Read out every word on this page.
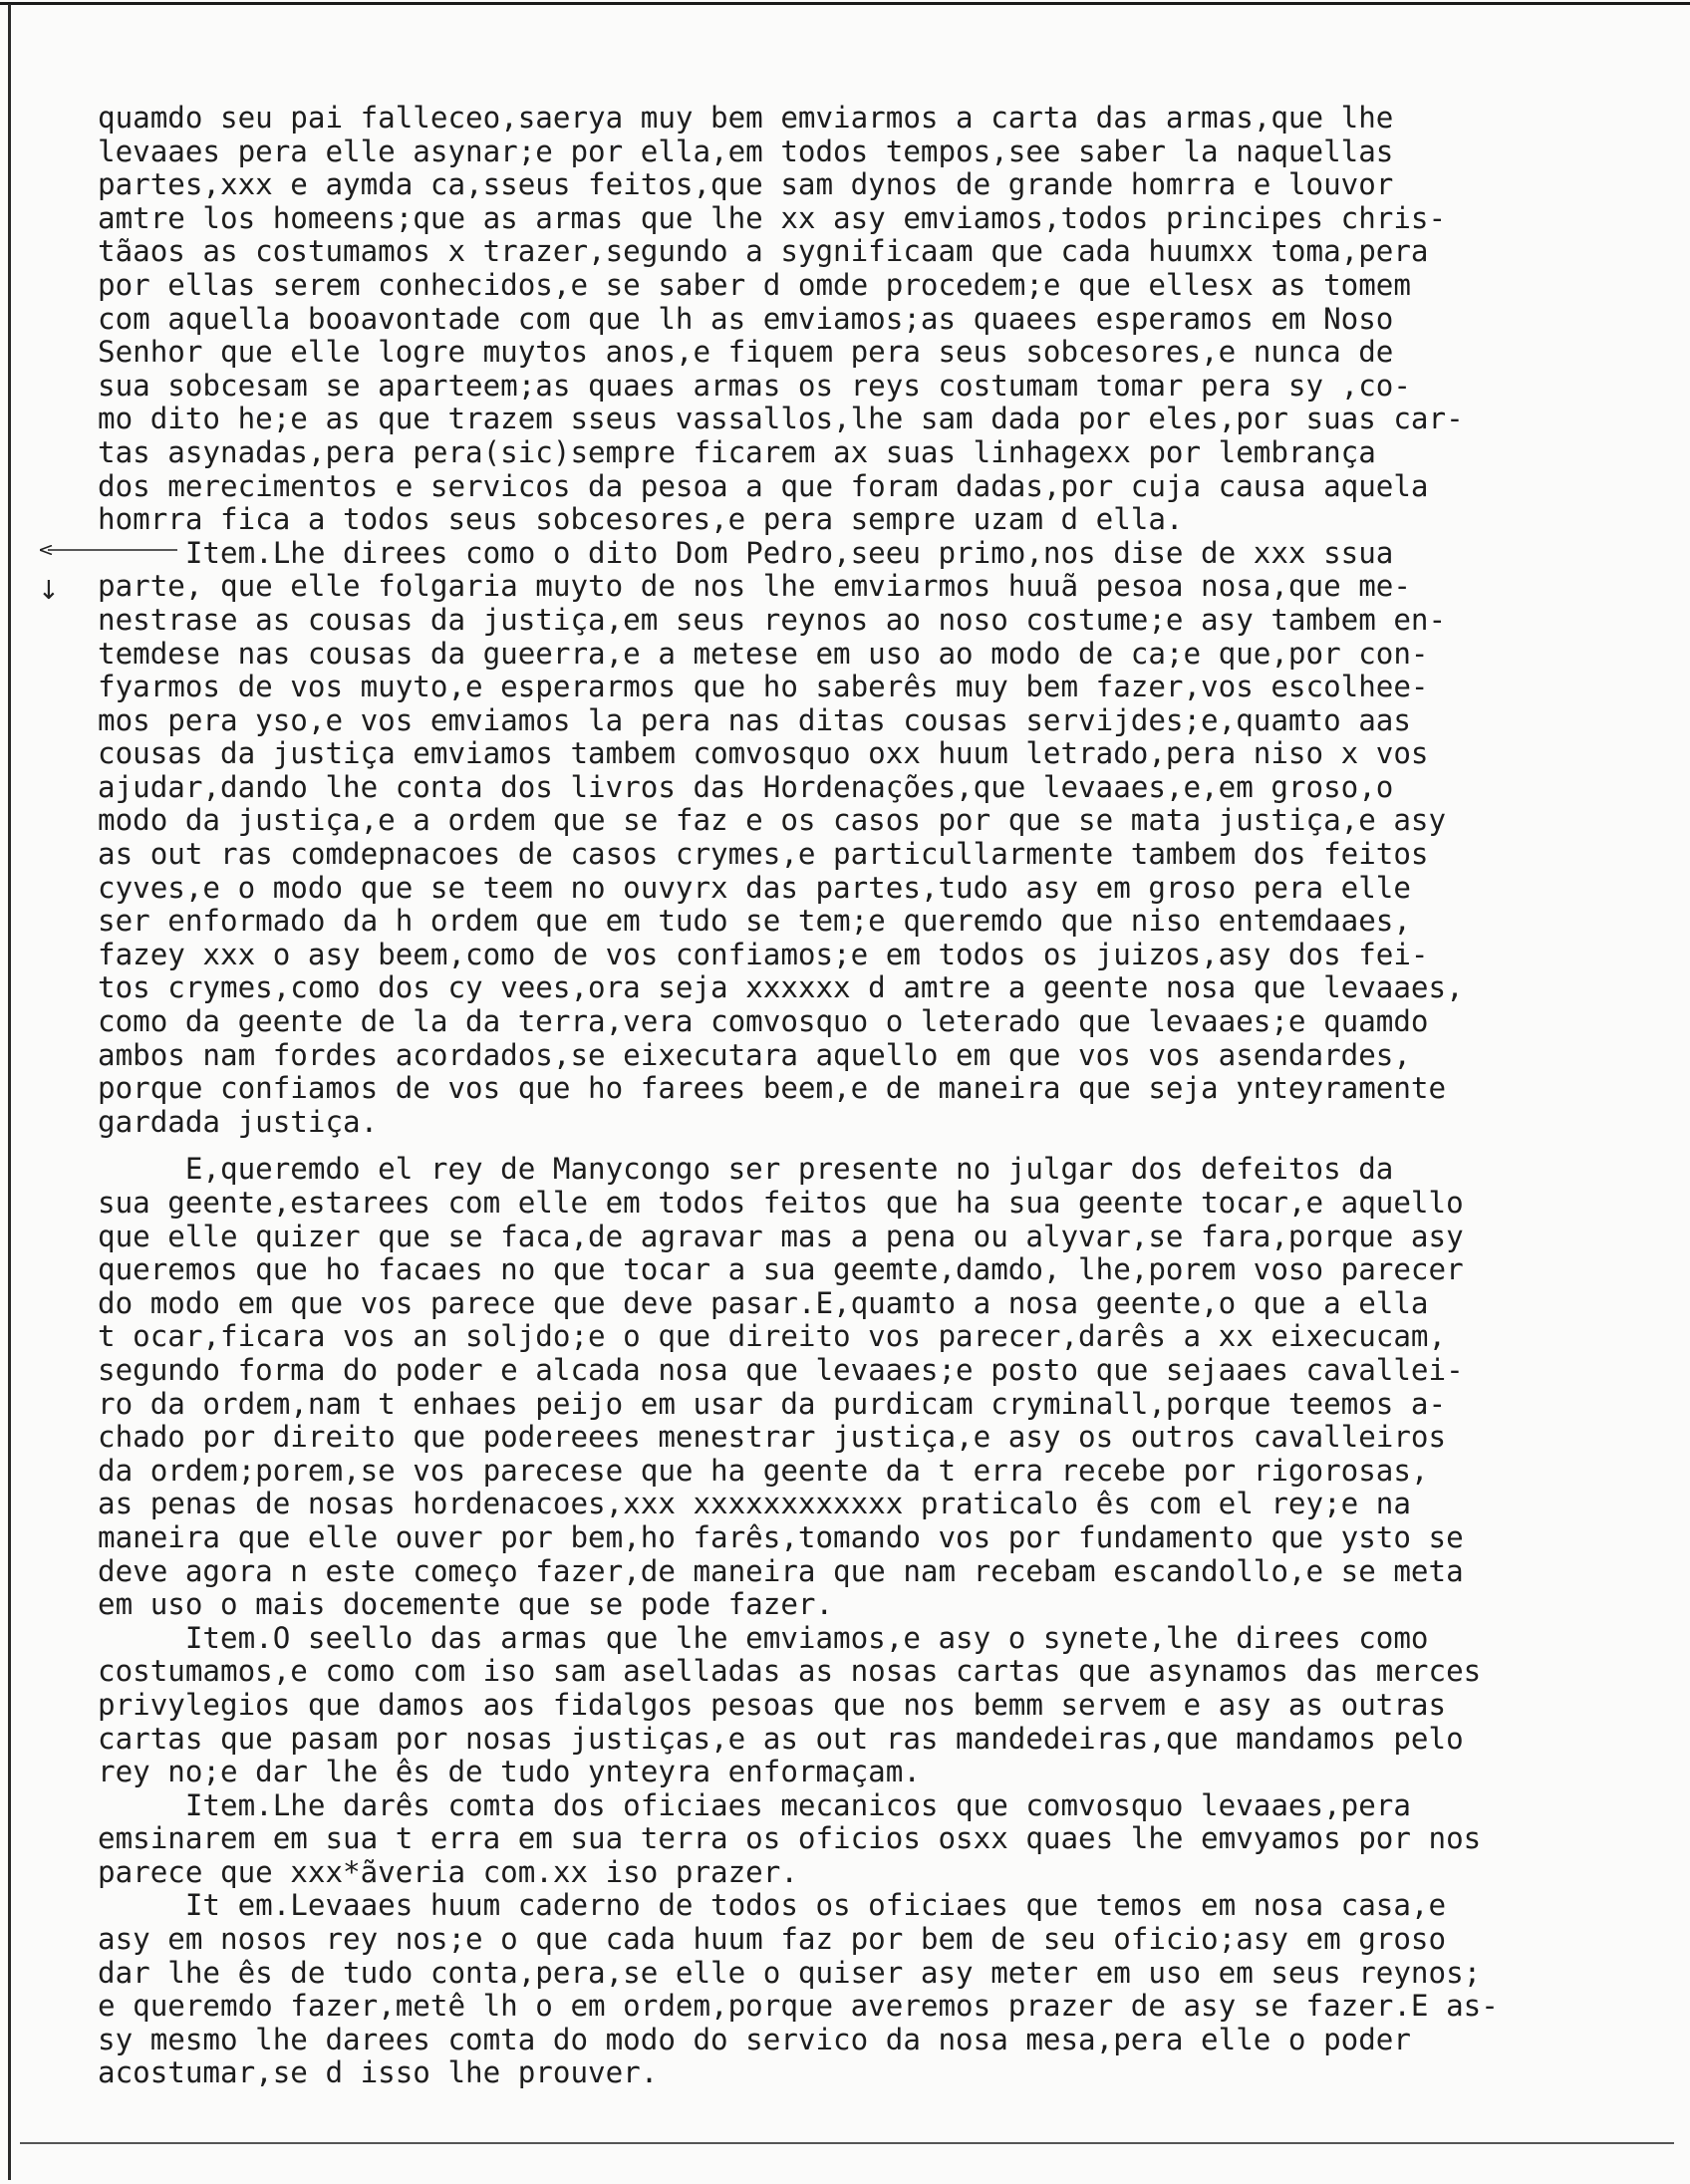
↓
quamdo seu pai falleceo,saerya muy bem emviarmos a carta das armas,que lhe
levaaes pera elle asynar;e por ella,em todos tempos,see saber la naquellas
partes,xxx e aymda ca,sseus feitos,que sam dynos de grande homrra e louvor
amtre los homeens;que as armas que lhe xx asy emviamos,todos principes chris-
tãaos as costumamos x trazer,segundo a sygnificaam que cada huumxx toma,pera
por ellas serem conhecidos,e se saber d omde procedem;e que ellesx as tomem
com aquella booavontade com que lh as emviamos;as quaees esperamos em Noso
Senhor que elle logre muytos anos,e fiquem pera seus sobcesores,e nunca de
sua sobcesam se aparteem;as quaes armas os reys costumam tomar pera sy ,co-
mo dito he;e as que trazem sseus vassallos,lhe sam dada por eles,por suas car-
tas asynadas,pera pera(sic)sempre ficarem ax suas linhagexx por lembrança
dos merecimentos e servicos da pesoa a que foram dadas,por cuja causa aquela
homrra fica a todos seus sobcesores,e pera sempre uzam d ella.
Item.Lhe direes como o dito Dom Pedro,seeu primo,nos dise de xxx ssua
parte, que elle folgaria muyto de nos lhe emviarmos huuã pesoa nosa,que me-
nestrase as cousas da justiça,em seus reynos ao noso costume;e asy tambem en-
temdese nas cousas da gueerra,e a metese em uso ao modo de ca;e que,por con-
fyarmos de vos muyto,e esperarmos que ho saberês muy bem fazer,vos escolhee-
mos pera yso,e vos emviamos la pera nas ditas cousas servijdes;e,quamto aas
cousas da justiça emviamos tambem comvosquo oxx huum letrado,pera niso x vos
ajudar,dando lhe conta dos livros das Hordenações,que levaaes,e,em groso,o
modo da justiça,e a ordem que se faz e os casos por que se mata justiça,e asy
as out ras comdepnacoes de casos crymes,e particullarmente tambem dos feitos
cyves,e o modo que se teem no ouvyrx das partes,tudo asy em groso pera elle
ser enformado da h ordem que em tudo se tem;e queremdo que niso entemdaaes,
fazey xxx o asy beem,como de vos confiamos;e em todos os juizos,asy dos fei-
tos crymes,como dos cy vees,ora seja xxxxxx d amtre a geente nosa que levaaes,
como da geente de la da terra,vera comvosquo o leterado que levaaes;e quamdo
ambos nam fordes acordados,se eixecutara aquello em que vos vos asendardes,
porque confiamos de vos que ho farees beem,e de maneira que seja ynteyramente
gardada justiça.
E,queremdo el rey de Manycongo ser presente no julgar dos defeitos da
sua geente,estarees com elle em todos feitos que ha sua geente tocar,e aquello
que elle quizer que se faca,de agravar mas a pena ou alyvar,se fara,porque asy
queremos que ho facaes no que tocar a sua geemte,damdo, lhe,porem voso parecer
do modo em que vos parece que deve pasar.E,quamto a nosa geente,o que a ella
t ocar,ficara vos an soljdo;e o que direito vos parecer,darês a xx eixecucam,
segundo forma do poder e alcada nosa que levaaes;e posto que sejaaes cavallei-
ro da ordem,nam t enhaes peijo em usar da purdicam cryminall,porque teemos a-
chado por direito que podereees menestrar justiça,e asy os outros cavalleiros
da ordem;porem,se vos parecese que ha geente da t erra recebe por rigorosas,
as penas de nosas hordenacoes,xxx xxxxxxxxxxxx praticalo ês com el rey;e na
maneira que elle ouver por bem,ho farês,tomando vos por fundamento que ysto se
deve agora n este começo fazer,de maneira que nam recebam escandollo,e se meta
em uso o mais docemente que se pode fazer.
Item.O seello das armas que lhe emviamos,e asy o synete,lhe direes como
costumamos,e como com iso sam aselladas as nosas cartas que asynamos das merces
privylegios que damos aos fidalgos pesoas que nos bemm servem e asy as outras
cartas que pasam por nosas justiças,e as out ras mandedeiras,que mandamos pelo
rey no;e dar lhe ês de tudo ynteyra enformaçam.
Item.Lhe darês comta dos oficiaes mecanicos que comvosquo levaaes,pera
emsinarem em sua t erra em sua terra os oficios osxx quaes lhe emvyamos por nos
parece que xxx*ãveria com.xx iso prazer.
It em.Levaaes huum caderno de todos os oficiaes que temos em nosa casa,e
asy em nosos rey nos;e o que cada huum faz por bem de seu oficio;asy em groso
dar lhe ês de tudo conta,pera,se elle o quiser asy meter em uso em seus reynos;
e queremdo fazer,metê lh o em ordem,porque averemos prazer de asy se fazer.E as-
sy mesmo lhe darees comta do modo do servico da nosa mesa,pera elle o poder
acostumar,se d isso lhe prouver.
